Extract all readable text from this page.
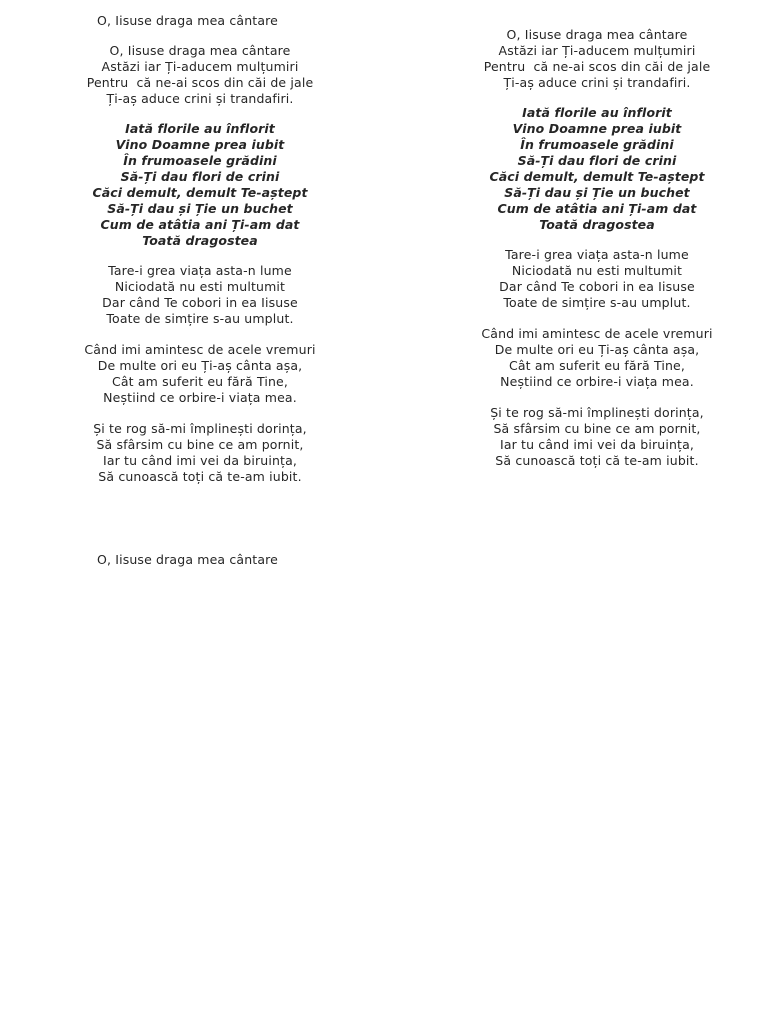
O, Iisuse draga mea cântare
O, Iisuse draga mea cântare
Astăzi iar Ți-aducem mulțumiri
Pentru  că ne-ai scos din căi de jale
Ți-aș aduce crini și trandafiri.
Iată florile au înflorit
Vino Doamne prea iubit
În frumoasele grădini
Să-Ți dau flori de crini
Căci demult, demult Te-aștept
Să-Ți dau și Ție un buchet
Cum de atâtia ani Ți-am dat
Toată dragostea
Tare-i grea viața asta-n lume
Niciodată nu esti multumit
Dar când Te cobori in ea Iisuse
Toate de simțire s-au umplut.
Când imi amintesc de acele vremuri
De multe ori eu Ți-aș cânta așa,
Cât am suferit eu fără Tine,
Neștiind ce orbire-i viața mea.
Și te rog să-mi împlinești dorința,
Să sfârsim cu bine ce am pornit,
Iar tu când imi vei da biruința,
Să cunoască toți că te-am iubit.
O, Iisuse draga mea cântare
Astăzi iar Ți-aducem mulțumiri
Pentru  că ne-ai scos din căi de jale
Ți-aș aduce crini și trandafiri.
Iată florile au înflorit
Vino Doamne prea iubit
În frumoasele grădini
Să-Ți dau flori de crini
Căci demult, demult Te-aștept
Să-Ți dau și Ție un buchet
Cum de atâtia ani Ți-am dat
Toată dragostea
Tare-i grea viața asta-n lume
Niciodată nu esti multumit
Dar când Te cobori in ea Iisuse
Toate de simțire s-au umplut.
Când imi amintesc de acele vremuri
De multe ori eu Ți-aș cânta așa,
Cât am suferit eu fără Tine,
Neștiind ce orbire-i viața mea.
Și te rog să-mi împlinești dorința,
Să sfârsim cu bine ce am pornit,
Iar tu când imi vei da biruința,
Să cunoască toți că te-am iubit.
O, Iisuse draga mea cântare
